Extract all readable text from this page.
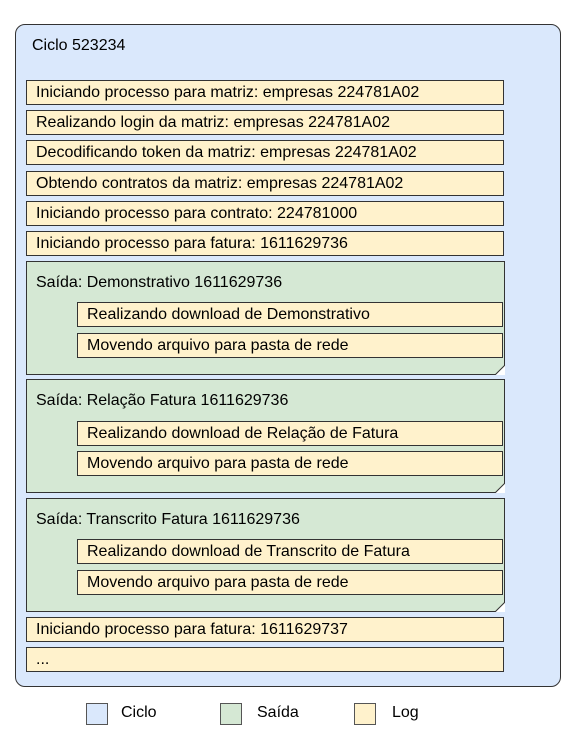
Ciclo 523234
Iniciando processo para matriz: empresas 224781A02
Realizando login da matriz: empresas 224781A02
Decodificando token da matriz: empresas 224781A02
Obtendo contratos da matriz: empresas 224781A02
Iniciando processo para contrato: 224781000
Iniciando processo para fatura: 1611629736
Saída: Demonstrativo 1611629736
Realizando download de Demonstrativo
Movendo arquivo para pasta de rede
Saída: Relação Fatura 1611629736
Realizando download de Relação de Fatura
Movendo arquivo para pasta de rede
Saída: Transcrito Fatura 1611629736
Realizando download de Transcrito de Fatura
Movendo arquivo para pasta de rede
Iniciando processo para fatura: 1611629737
...
Ciclo	Saída	Log
